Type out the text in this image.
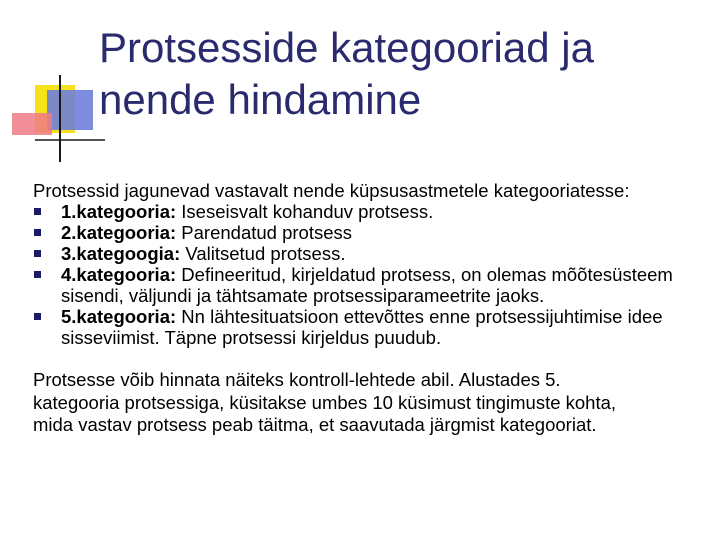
Protsesside kategooriad ja
nende hindamine
Protsessid jagunevad vastavalt nende küpsusastmetele kategooriatesse:
1.kategooria: Iseseisvalt kohanduv protsess.
2.kategooria: Parendatud protsess
3.kategoogia: Valitsetud protsess.
4.kategooria: Defineeritud, kirjeldatud protsess, on olemas mõõtesüsteem sisendi, väljundi ja tähtsamate protsessiparameetrite jaoks.
5.kategooria: Nn lähtesituatsioon ettevõttes enne protsessijuhtimise idee sisseviimist. Täpne protsessi kirjeldus puudub.
Protsesse võib hinnata näiteks kontroll-lehtede abil. Alustades 5.
kategooria protsessiga, küsitakse umbes 10 küsimust tingimuste kohta,
mida vastav protsess peab täitma, et saavutada järgmist kategooriat.
